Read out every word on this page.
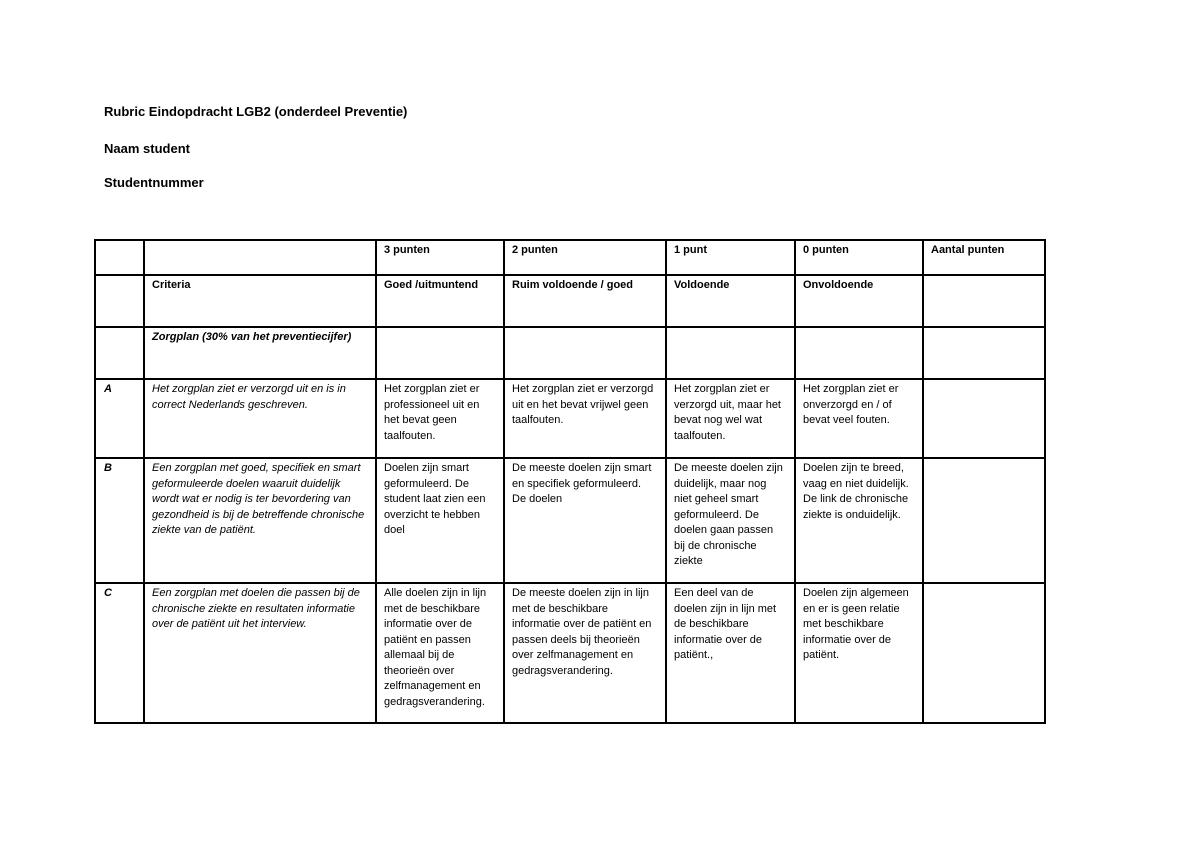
Rubric Eindopdracht LGB2 (onderdeel Preventie)
Naam student
Studentnummer
		3 punten	2 punten	1 punt	0 punten	Aantal punten
	Criteria	Goed /uitmuntend	Ruim voldoende / goed	Voldoende	Onvoldoende	
	Zorgplan (30% van het preventiecijfer)					
A	Het zorgplan ziet er verzorgd uit en is in correct Nederlands geschreven.	Het zorgplan ziet er professioneel uit en het bevat geen taalfouten.	Het zorgplan ziet er verzorgd uit en het bevat vrijwel geen taalfouten.	Het zorgplan ziet er verzorgd uit, maar het bevat nog wel wat taalfouten.	Het zorgplan ziet er onverzorgd en / of bevat veel fouten.	
B	Een zorgplan met goed, specifiek en smart geformuleerde doelen waaruit duidelijk wordt wat er nodig is ter bevordering van gezondheid is bij de betreffende chronische ziekte van de patiënt.	Doelen zijn smart geformuleerd. De student laat zien een overzicht te hebben doel	De meeste doelen zijn smart en specifiek geformuleerd. De doelen	De meeste doelen zijn duidelijk, maar nog niet geheel smart geformuleerd. De doelen gaan passen bij de chronische ziekte	Doelen zijn te breed, vaag en niet duidelijk. De link de chronische ziekte is onduidelijk.	
C	Een zorgplan met doelen die passen bij de chronische ziekte en resultaten informatie over de patiënt uit het interview.	Alle doelen zijn in lijn met de beschikbare informatie over de patiënt en passen allemaal bij de theorieën over zelfmanagement en gedragsverandering.	De meeste doelen zijn in lijn met de beschikbare informatie over de patiënt en passen deels bij theorieën over zelfmanagement en gedragsverandering.	Een deel van de doelen zijn in lijn met de beschikbare informatie over de patiënt.,	Doelen zijn algemeen en er is geen relatie met beschikbare informatie over de patiënt.	
